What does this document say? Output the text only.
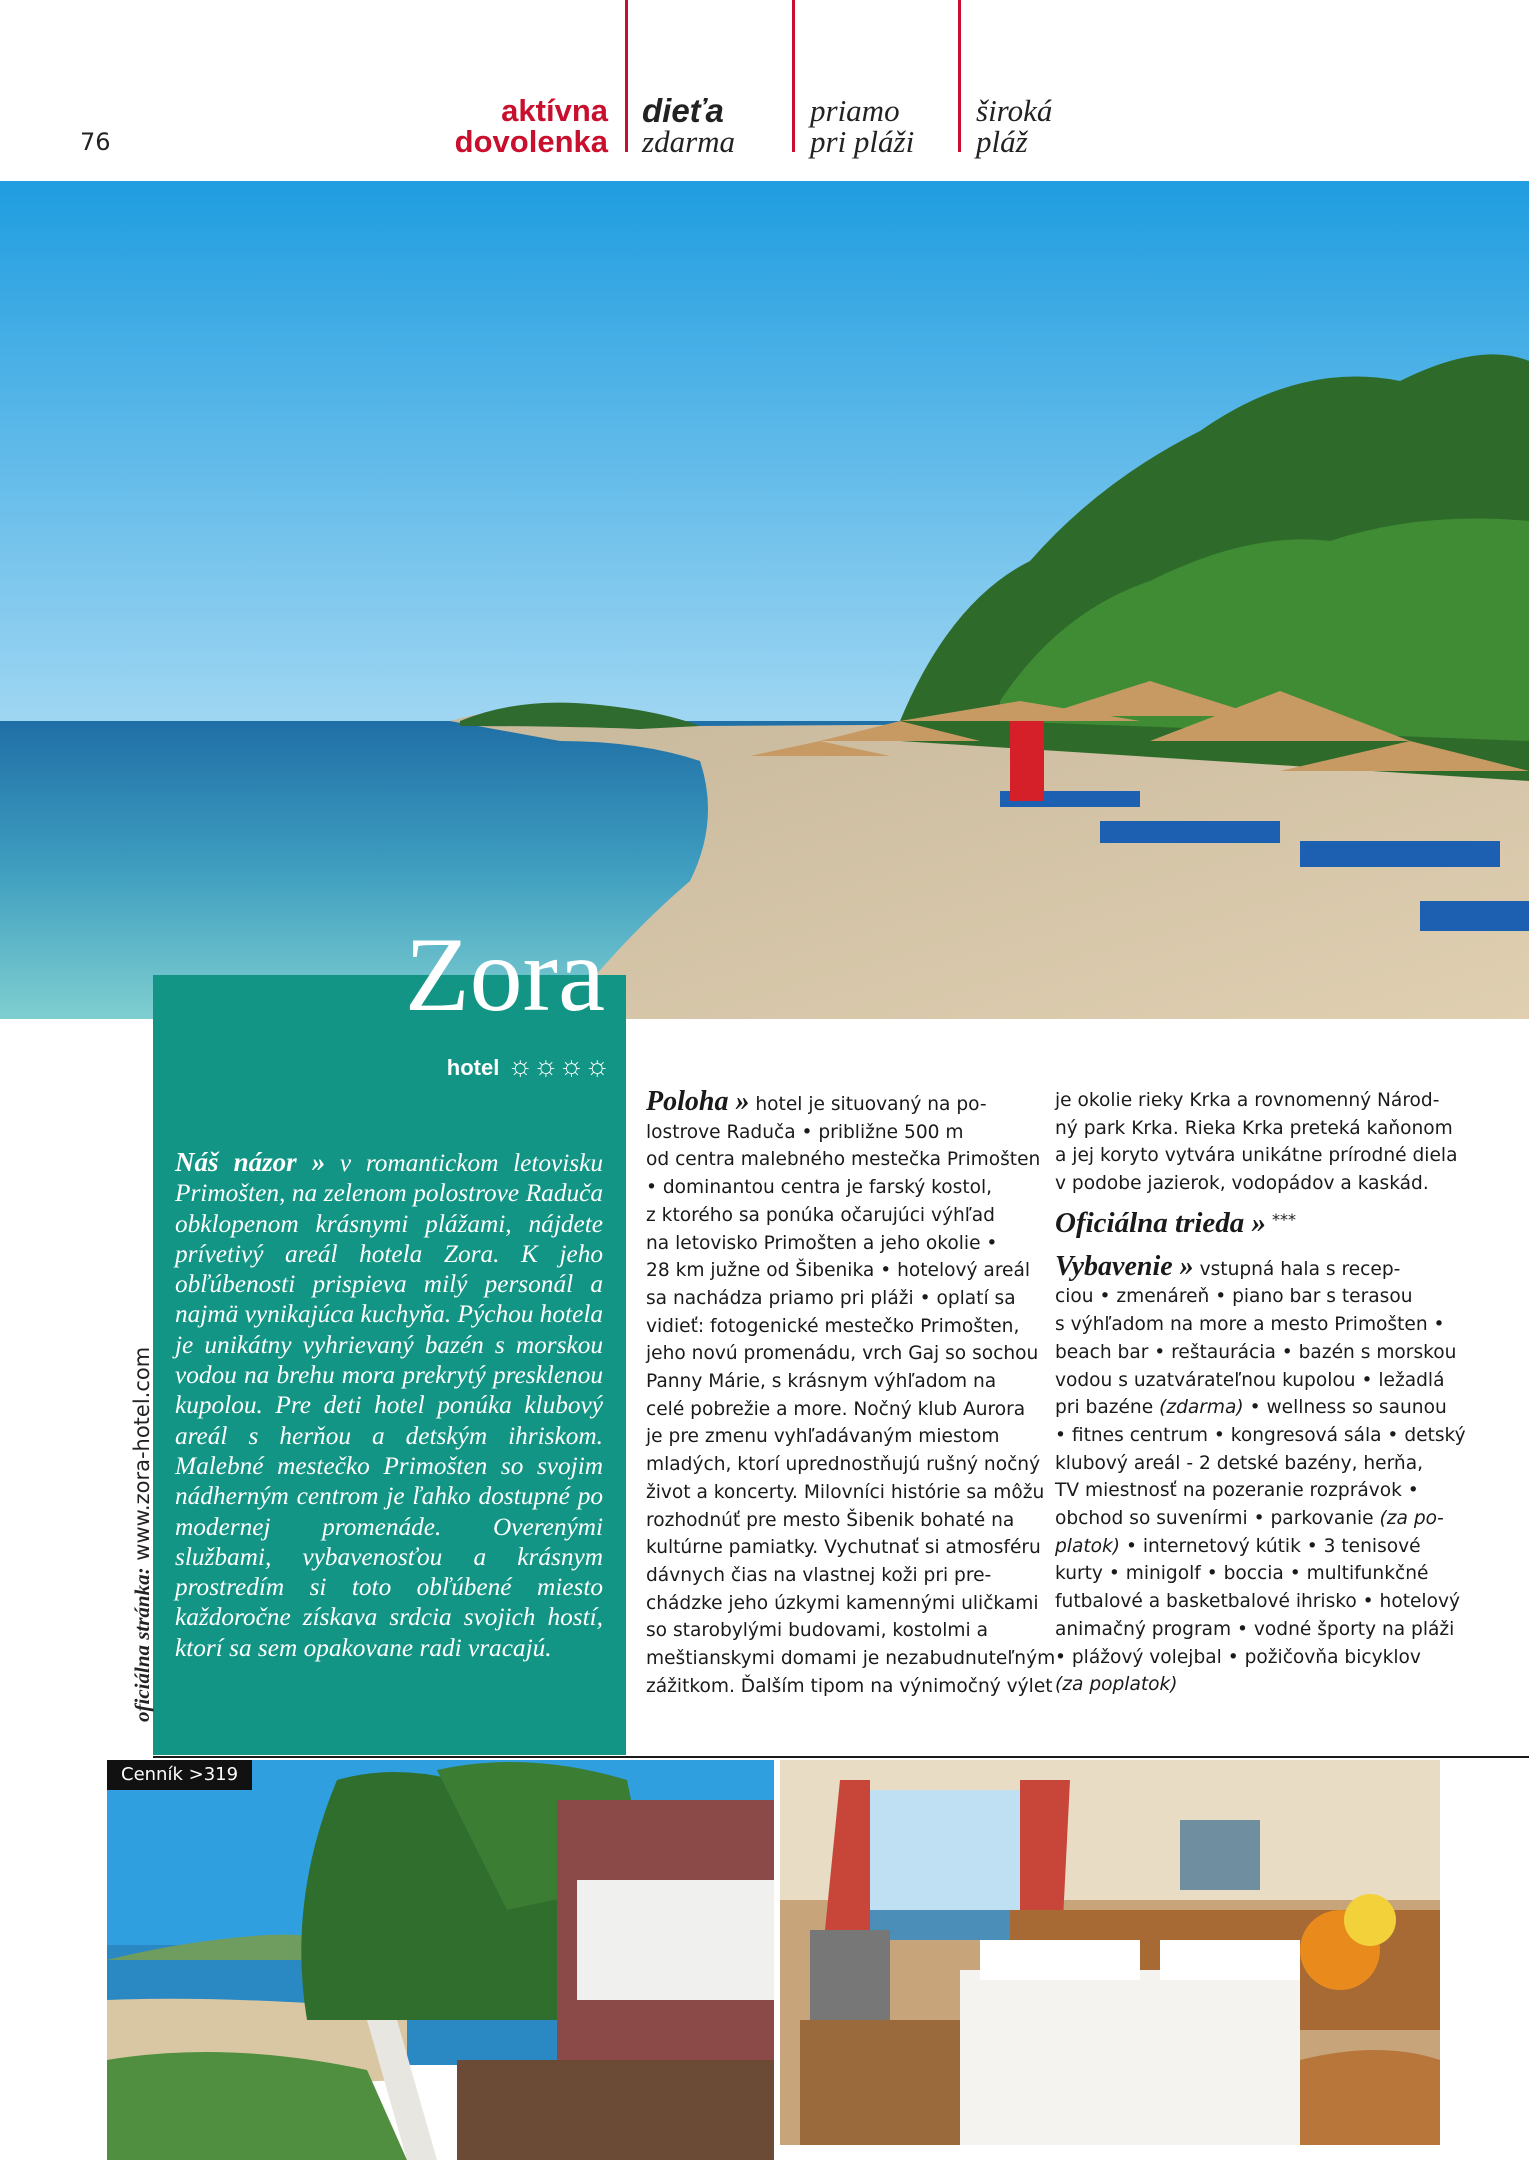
76
aktívna
dovolenka
dieťa
zdarma
priamo
pri pláži
široká
pláž
Zora
hotel ☼☼☼☼
Náš názor » v romantickom letovisku Primošten, na zelenom polostrove Raduča obklopenom krásnymi plážami, nájdete prívetivý areál hotela Zora. K jeho obľúbenosti prispieva milý personál a najmä vynikajúca kuchyňa. Pýchou hotela je unikátny vyhrievaný bazén s morskou vodou na brehu mora prekrytý presklenou kupolou. Pre deti hotel ponúka klubový areál s herňou a detským ihriskom. Malebné mestečko Primošten so svojim nádherným centrom je ľahko dostupné po modernej promenáde. Overenými službami, vybavenosťou a krásnym prostredím si toto obľúbené miesto každoročne získava srdcia svojich hostí, ktorí sa sem opakovane radi vracajú.
oficiálna stránka: www.zora-hotel.com
Poloha » hotel je situovaný na po-
lostrove Raduča • približne 500 m
od centra malebného mestečka Primošten
• dominantou centra je farský kostol,
z ktorého sa ponúka očarujúci výhľad
na letovisko Primošten a jeho okolie •
28 km južne od Šibenika • hotelový areál
sa nachádza priamo pri pláži • oplatí sa
vidieť: fotogenické mestečko Primošten,
jeho novú promenádu, vrch Gaj so sochou
Panny Márie, s krásnym výhľadom na
celé pobrežie a more. Nočný klub Aurora
je pre zmenu vyhľadávaným miestom
mladých, ktorí uprednostňujú rušný nočný
život a koncerty. Milovníci histórie sa môžu
rozhodnúť pre mesto Šibenik bohaté na
kultúrne pamiatky. Vychutnať si atmosféru
dávnych čias na vlastnej koži pri pre-
chádzke jeho úzkymi kamennými uličkami
so starobylými budovami, kostolmi a
meštianskymi domami je nezabudnuteľným
zážitkom. Ďalším tipom na výnimočný výlet
je okolie rieky Krka a rovnomenný Národ-
ný park Krka. Rieka Krka preteká kaňonom
a jej koryto vytvára unikátne prírodné diela
v podobe jazierok, vodopádov a kaskád.
Oficiálna trieda » ***
Vybavenie » vstupná hala s recep-
ciou • zmenáreň • piano bar s terasou
s výhľadom na more a mesto Primošten •
beach bar • reštaurácia • bazén s morskou
vodou s uzatvárateľnou kupolou • ležadlá
pri bazéne (zdarma) • wellness so saunou
• fitnes centrum • kongresová sála • detský
klubový areál - 2 detské bazény, herňa,
TV miestnosť na pozeranie rozprávok •
obchod so suvenírmi • parkovanie (za po-
platok) • internetový kútik • 3 tenisové
kurty • minigolf • boccia • multifunkčné
futbalové a basketbalové ihrisko • hotelový
animačný program • vodné športy na pláži
• plážový volejbal • požičovňa bicyklov
(za poplatok)
Cenník >319
